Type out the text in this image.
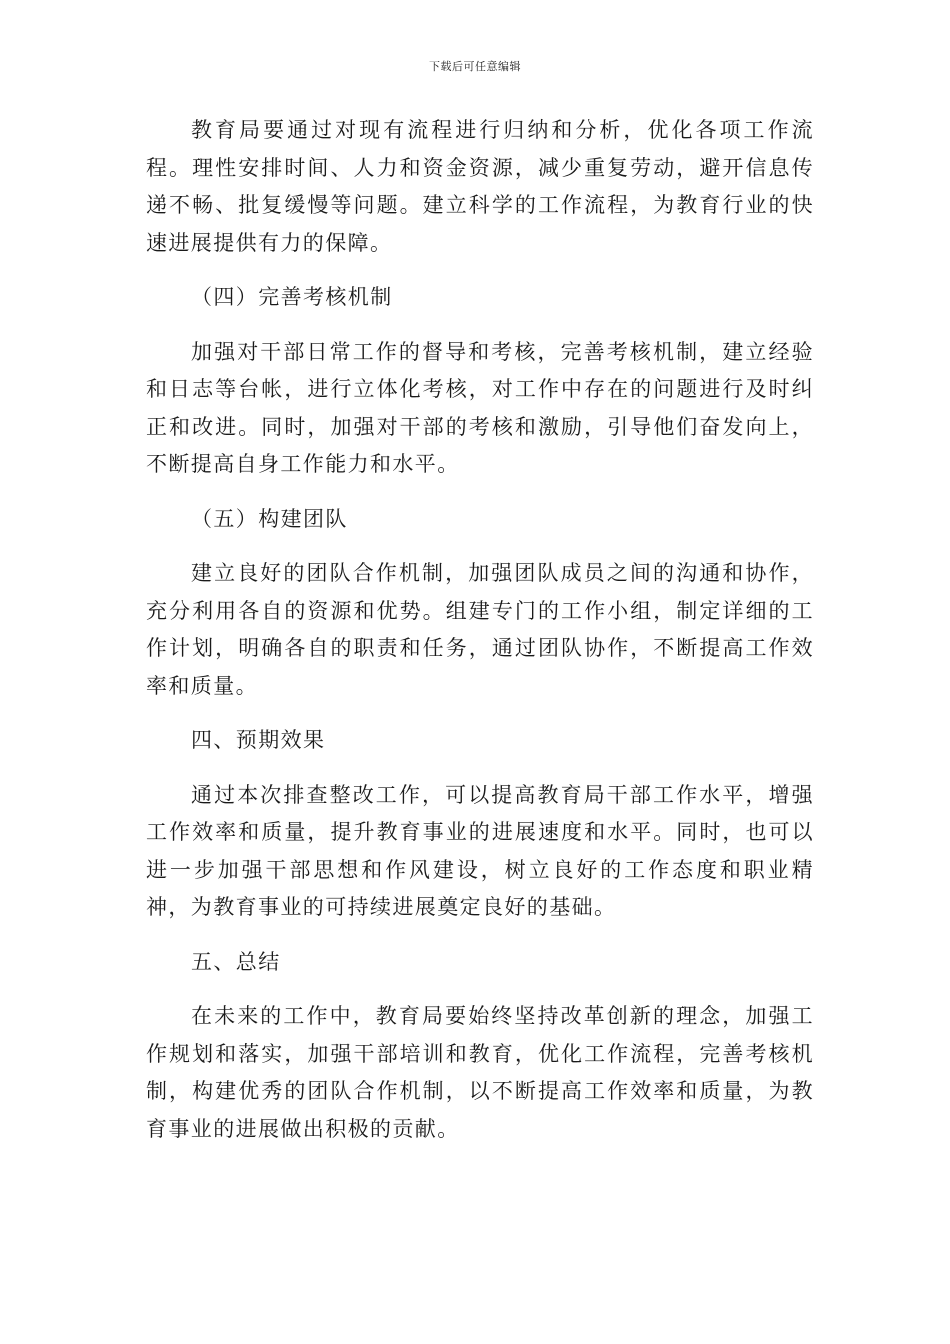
下载后可任意编辑

教育局要通过对现有流程进行归纳和分析，优化各项工作流程。理性安排时间、人力和资金资源，减少重复劳动，避开信息传递不畅、批复缓慢等问题。建立科学的工作流程，为教育行业的快速进展提供有力的保障。

（四）完善考核机制

加强对干部日常工作的督导和考核，完善考核机制，建立经验和日志等台帐，进行立体化考核，对工作中存在的问题进行及时纠正和改进。同时，加强对干部的考核和激励，引导他们奋发向上，不断提高自身工作能力和水平。

（五）构建团队

建立良好的团队合作机制，加强团队成员之间的沟通和协作，充分利用各自的资源和优势。组建专门的工作小组，制定详细的工作计划，明确各自的职责和任务，通过团队协作，不断提高工作效率和质量。

四、预期效果

通过本次排查整改工作，可以提高教育局干部工作水平，增强工作效率和质量，提升教育事业的进展速度和水平。同时，也可以进一步加强干部思想和作风建设，树立良好的工作态度和职业精神，为教育事业的可持续进展奠定良好的基础。

五、总结

在未来的工作中，教育局要始终坚持改革创新的理念，加强工作规划和落实，加强干部培训和教育，优化工作流程，完善考核机制，构建优秀的团队合作机制，以不断提高工作效率和质量，为教育事业的进展做出积极的贡献。
